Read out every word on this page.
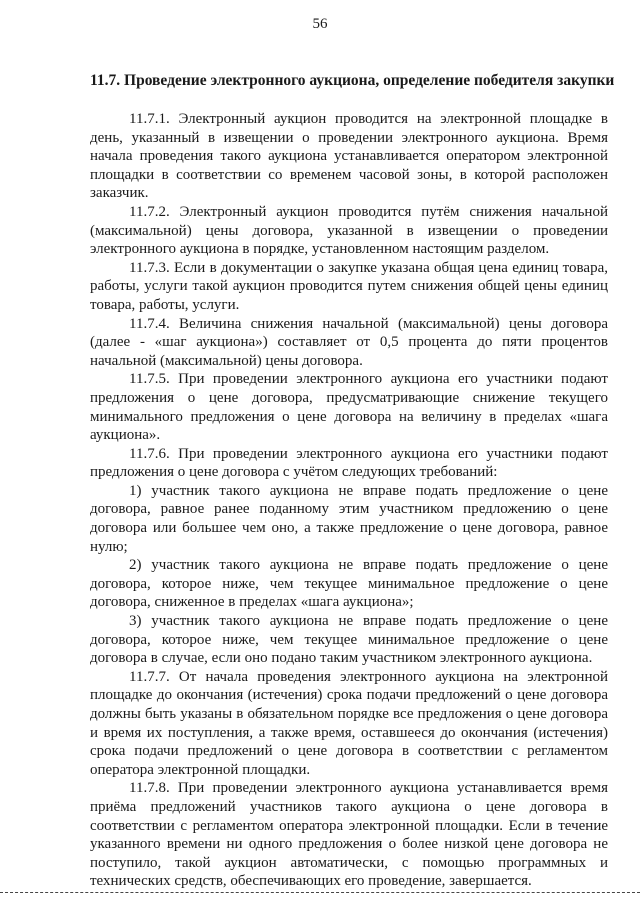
56
11.7. Проведение электронного аукциона, определение победителя закупки

11.7.1. Электронный аукцион проводится на электронной площадке в день, указанный в извещении о проведении электронного аукциона. Время начала проведения такого аукциона устанавливается оператором электронной площадки в соответствии со временем часовой зоны, в которой расположен заказчик.

11.7.2. Электронный аукцион проводится путём снижения начальной (максимальной) цены договора, указанной в извещении о проведении электронного аукциона в порядке, установленном настоящим разделом.

11.7.3. Если в документации о закупке указана общая цена единиц товара, работы, услуги такой аукцион проводится путем снижения общей цены единиц товара, работы, услуги.

11.7.4. Величина снижения начальной (максимальной) цены договора (далее - «шаг аукциона») составляет от 0,5 процента до пяти процентов начальной (максимальной) цены договора.

11.7.5. При проведении электронного аукциона его участники подают предложения о цене договора, предусматривающие снижение текущего минимального предложения о цене договора на величину в пределах «шага аукциона».

11.7.6. При проведении электронного аукциона его участники подают предложения о цене договора с учётом следующих требований:

1) участник такого аукциона не вправе подать предложение о цене договора, равное ранее поданному этим участником предложению о цене договора или большее чем оно, а также предложение о цене договора, равное нулю;

2) участник такого аукциона не вправе подать предложение о цене договора, которое ниже, чем текущее минимальное предложение о цене договора, сниженное в пределах «шага аукциона»;

3) участник такого аукциона не вправе подать предложение о цене договора, которое ниже, чем текущее минимальное предложение о цене договора в случае, если оно подано таким участником электронного аукциона.

11.7.7. От начала проведения электронного аукциона на электронной площадке до окончания (истечения) срока подачи предложений о цене договора должны быть указаны в обязательном порядке все предложения о цене договора и время их поступления, а также время, оставшееся до окончания (истечения) срока подачи предложений о цене договора в соответствии с регламентом оператора электронной площадки.

11.7.8. При проведении электронного аукциона устанавливается время приёма предложений участников такого аукциона о цене договора в соответствии с регламентом оператора электронной площадки. Если в течение указанного времени ни одного предложения о более низкой цене договора не поступило, такой аукцион автоматически, с помощью программных и технических средств, обеспечивающих его проведение, завершается.
